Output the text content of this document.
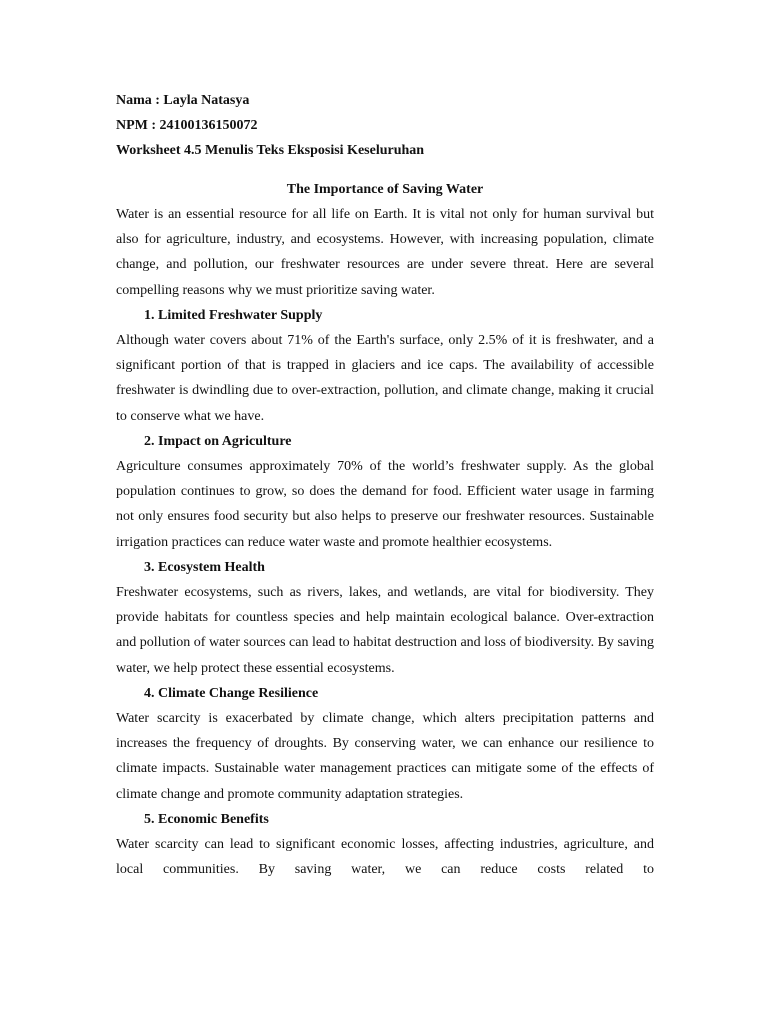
Nama : Layla Natasya

NPM : 24100136150072

Worksheet 4.5 Menulis Teks Eksposisi Keseluruhan

The Importance of Saving Water

Water is an essential resource for all life on Earth. It is vital not only for human survival but also for agriculture, industry, and ecosystems. However, with increasing population, climate change, and pollution, our freshwater resources are under severe threat. Here are several compelling reasons why we must prioritize saving water.

1. Limited Freshwater Supply

Although water covers about 71% of the Earth's surface, only 2.5% of it is freshwater, and a significant portion of that is trapped in glaciers and ice caps. The availability of accessible freshwater is dwindling due to over-extraction, pollution, and climate change, making it crucial to conserve what we have.

2. Impact on Agriculture

Agriculture consumes approximately 70% of the world’s freshwater supply. As the global population continues to grow, so does the demand for food. Efficient water usage in farming not only ensures food security but also helps to preserve our freshwater resources. Sustainable irrigation practices can reduce water waste and promote healthier ecosystems.

3. Ecosystem Health

Freshwater ecosystems, such as rivers, lakes, and wetlands, are vital for biodiversity. They provide habitats for countless species and help maintain ecological balance. Over-extraction and pollution of water sources can lead to habitat destruction and loss of biodiversity. By saving water, we help protect these essential ecosystems.

4. Climate Change Resilience

Water scarcity is exacerbated by climate change, which alters precipitation patterns and increases the frequency of droughts. By conserving water, we can enhance our resilience to climate impacts. Sustainable water management practices can mitigate some of the effects of climate change and promote community adaptation strategies.

5. Economic Benefits

Water scarcity can lead to significant economic losses, affecting industries, agriculture, and local communities. By saving water, we can reduce costs related to
